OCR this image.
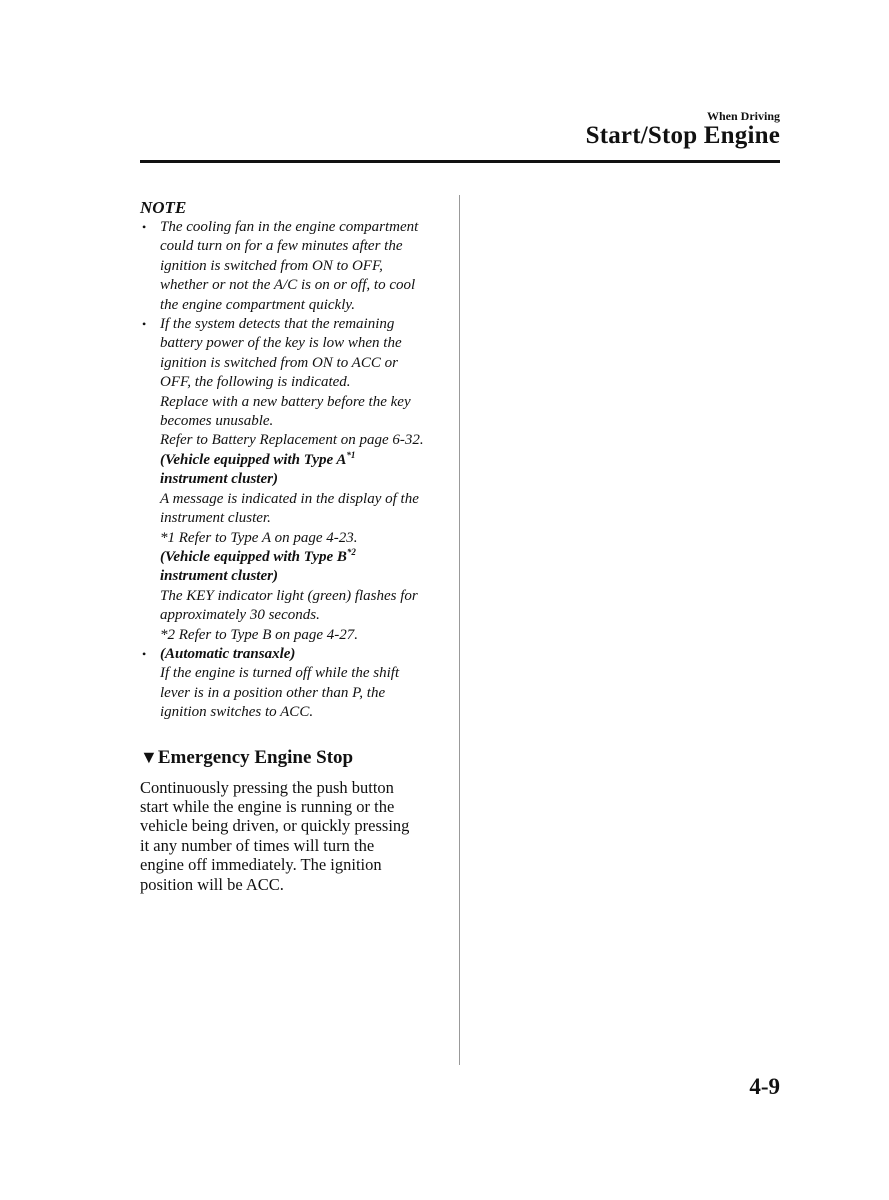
When Driving
Start/Stop Engine
NOTE
• The cooling fan in the engine compartment
could turn on for a few minutes after the
ignition is switched from ON to OFF,
whether or not the A/C is on or off, to cool
the engine compartment quickly.
• If the system detects that the remaining
battery power of the key is low when the
ignition is switched from ON to ACC or
OFF, the following is indicated.
Replace with a new battery before the key
becomes unusable.
Refer to Battery Replacement on page 6-32.
(Vehicle equipped with Type $A^{*1}$
instrument cluster)
A message is indicated in the display of the
instrument cluster.
*1 Refer to Type A on page 4-23.
(Vehicle equipped with Type $B^{*2}$
instrument cluster)
The KEY indicator light (green) flashes for
approximately 30 seconds.
*2 Refer to Type B on page 4-27.
• (Automatic transaxle)
If the engine is turned off while the shift
lever is in a position other than P, the
ignition switches to ACC.
▼Emergency Engine Stop
Continuously pressing the push button
start while the engine is running or the
vehicle being driven, or quickly pressing
it any number of times will turn the
engine off immediately. The ignition
position will be ACC.
4-9
